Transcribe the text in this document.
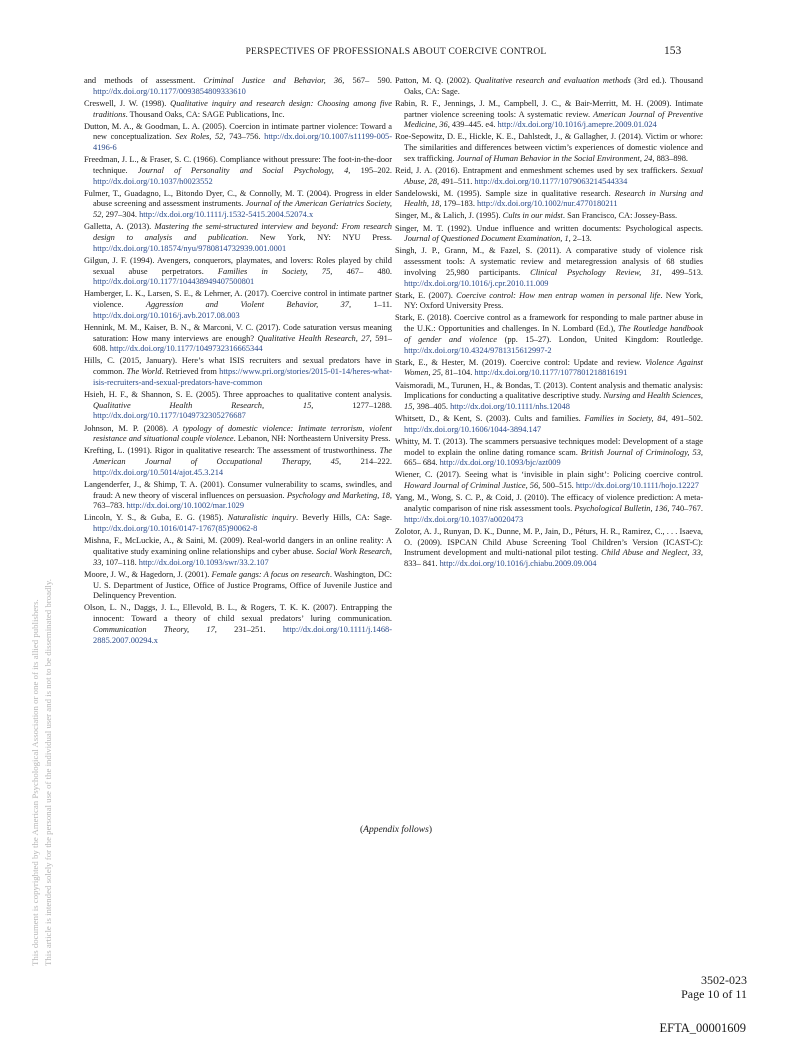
PERSPECTIVES OF PROFESSIONALS ABOUT COERCIVE CONTROL	153
This document is copyrighted by the American Psychological Association or one of its allied publishers. This article is intended solely for the personal use of the individual user and is not to be disseminated broadly.

and methods of assessment. Criminal Justice and Behavior, 36, 567– 590. http://dx.doi.org/10.1177/0093854809333610

Creswell, J. W. (1998). Qualitative inquiry and research design: Choosing among five traditions. Thousand Oaks, CA: SAGE Publications, Inc.

Dutton, M. A., & Goodman, L. A. (2005). Coercion in intimate partner violence: Toward a new conceptualization. Sex Roles, 52, 743–756. http://dx.doi.org/10.1007/s11199-005-4196-6

Freedman, J. L., & Fraser, S. C. (1966). Compliance without pressure: The foot-in-the-door technique. Journal of Personality and Social Psychology, 4, 195–202. http://dx.doi.org/10.1037/h0023552

Fulmer, T., Guadagno, L., Bitondo Dyer, C., & Connolly, M. T. (2004). Progress in elder abuse screening and assessment instruments. Journal of the American Geriatrics Society, 52, 297–304. http://dx.doi.org/10.1111/j.1532-5415.2004.52074.x

Galletta, A. (2013). Mastering the semi-structured interview and beyond: From research design to analysis and publication. New York, NY: NYU Press. http://dx.doi.org/10.18574/nyu/9780814732939.001.0001

Gilgun, J. F. (1994). Avengers, conquerors, playmates, and lovers: Roles played by child sexual abuse perpetrators. Families in Society, 75, 467– 480. http://dx.doi.org/10.1177/104438949407500801

Hamberger, L. K., Larsen, S. E., & Lehrner, A. (2017). Coercive control in intimate partner violence. Aggression and Violent Behavior, 37, 1–11. http://dx.doi.org/10.1016/j.avb.2017.08.003

Hennink, M. M., Kaiser, B. N., & Marconi, V. C. (2017). Code saturation versus meaning saturation: How many interviews are enough? Qualitative Health Research, 27, 591– 608. http://dx.doi.org/10.1177/1049732316665344

Hills, C. (2015, January). Here’s what ISIS recruiters and sexual predators have in common. The World. Retrieved from https://www.pri.org/stories/2015-01-14/heres-what-isis-recruiters-and-sexual-predators-have-common

Hsieh, H. F., & Shannon, S. E. (2005). Three approaches to qualitative content analysis. Qualitative Health Research, 15, 1277–1288. http://dx.doi.org/10.1177/1049732305276687

Johnson, M. P. (2008). A typology of domestic violence: Intimate terrorism, violent resistance and situational couple violence. Lebanon, NH: Northeastern University Press.

Krefting, L. (1991). Rigor in qualitative research: The assessment of trustworthiness. The American Journal of Occupational Therapy, 45, 214–222. http://dx.doi.org/10.5014/ajot.45.3.214

Langenderfer, J., & Shimp, T. A. (2001). Consumer vulnerability to scams, swindles, and fraud: A new theory of visceral influences on persuasion. Psychology and Marketing, 18, 763–783. http://dx.doi.org/10.1002/mar.1029

Lincoln, Y. S., & Guba, E. G. (1985). Naturalistic inquiry. Beverly Hills, CA: Sage. http://dx.doi.org/10.1016/0147-1767(85)90062-8

Mishna, F., McLuckie, A., & Saini, M. (2009). Real-world dangers in an online reality: A qualitative study examining online relationships and cyber abuse. Social Work Research, 33, 107–118. http://dx.doi.org/10.1093/swr/33.2.107

Moore, J. W., & Hagedorn, J. (2001). Female gangs: A focus on research. Washington, DC: U. S. Department of Justice, Office of Justice Programs, Office of Juvenile Justice and Delinquency Prevention.

Olson, L. N., Daggs, J. L., Ellevold, B. L., & Rogers, T. K. K. (2007). Entrapping the innocent: Toward a theory of child sexual predators’ luring communication. Communication Theory, 17, 231–251. http://dx.doi.org/10.1111/j.1468-2885.2007.00294.x

Patton, M. Q. (2002). Qualitative research and evaluation methods (3rd ed.). Thousand Oaks, CA: Sage.

Rabin, R. F., Jennings, J. M., Campbell, J. C., & Bair-Merritt, M. H. (2009). Intimate partner violence screening tools: A systematic review. American Journal of Preventive Medicine, 36, 439–445. e4. http://dx.doi.org/10.1016/j.amepre.2009.01.024

Roe-Sepowitz, D. E., Hickle, K. E., Dahlstedt, J., & Gallagher, J. (2014). Victim or whore: The similarities and differences between victim’s experiences of domestic violence and sex trafficking. Journal of Human Behavior in the Social Environment, 24, 883–898.

Reid, J. A. (2016). Entrapment and enmeshment schemes used by sex traffickers. Sexual Abuse, 28, 491–511. http://dx.doi.org/10.1177/1079063214544334

Sandelowski, M. (1995). Sample size in qualitative research. Research in Nursing and Health, 18, 179–183. http://dx.doi.org/10.1002/nur.4770180211

Singer, M., & Lalich, J. (1995). Cults in our midst. San Francisco, CA: Jossey-Bass.

Singer, M. T. (1992). Undue influence and written documents: Psychological aspects. Journal of Questioned Document Examination, 1, 2–13.

Singh, J. P., Grann, M., & Fazel, S. (2011). A comparative study of violence risk assessment tools: A systematic review and metaregression analysis of 68 studies involving 25,980 participants. Clinical Psychology Review, 31, 499–513. http://dx.doi.org/10.1016/j.cpr.2010.11.009

Stark, E. (2007). Coercive control: How men entrap women in personal life. New York, NY: Oxford University Press.

Stark, E. (2018). Coercive control as a framework for responding to male partner abuse in the U.K.: Opportunities and challenges. In N. Lombard (Ed.), The Routledge handbook of gender and violence (pp. 15–27). London, United Kingdom: Routledge. http://dx.doi.org/10.4324/9781315612997-2

Stark, E., & Hester, M. (2019). Coercive control: Update and review. Violence Against Women, 25, 81–104. http://dx.doi.org/10.1177/1077801218816191

Vaismoradi, M., Turunen, H., & Bondas, T. (2013). Content analysis and thematic analysis: Implications for conducting a qualitative descriptive study. Nursing and Health Sciences, 15, 398–405. http://dx.doi.org/10.1111/nhs.12048

Whitsett, D., & Kent, S. (2003). Cults and families. Families in Society, 84, 491–502. http://dx.doi.org/10.1606/1044-3894.147

Whitty, M. T. (2013). The scammers persuasive techniques model: Development of a stage model to explain the online dating romance scam. British Journal of Criminology, 53, 665– 684. http://dx.doi.org/10.1093/bjc/azt009

Wiener, C. (2017). Seeing what is ‘invisible in plain sight’: Policing coercive control. Howard Journal of Criminal Justice, 56, 500–515. http://dx.doi.org/10.1111/hojo.12227

Yang, M., Wong, S. C. P., & Coid, J. (2010). The efficacy of violence prediction: A meta-analytic comparison of nine risk assessment tools. Psychological Bulletin, 136, 740–767. http://dx.doi.org/10.1037/a0020473

Zolotor, A. J., Runyan, D. K., Dunne, M. P., Jain, D., Péturs, H. R., Ramirez, C., . . . Isaeva, O. (2009). ISPCAN Child Abuse Screening Tool Children’s Version (ICAST-C): Instrument development and multi-national pilot testing. Child Abuse and Neglect, 33, 833– 841. http://dx.doi.org/10.1016/j.chiabu.2009.09.004

(Appendix follows)
3502-023
Page 10 of 11
EFTA_00001609
